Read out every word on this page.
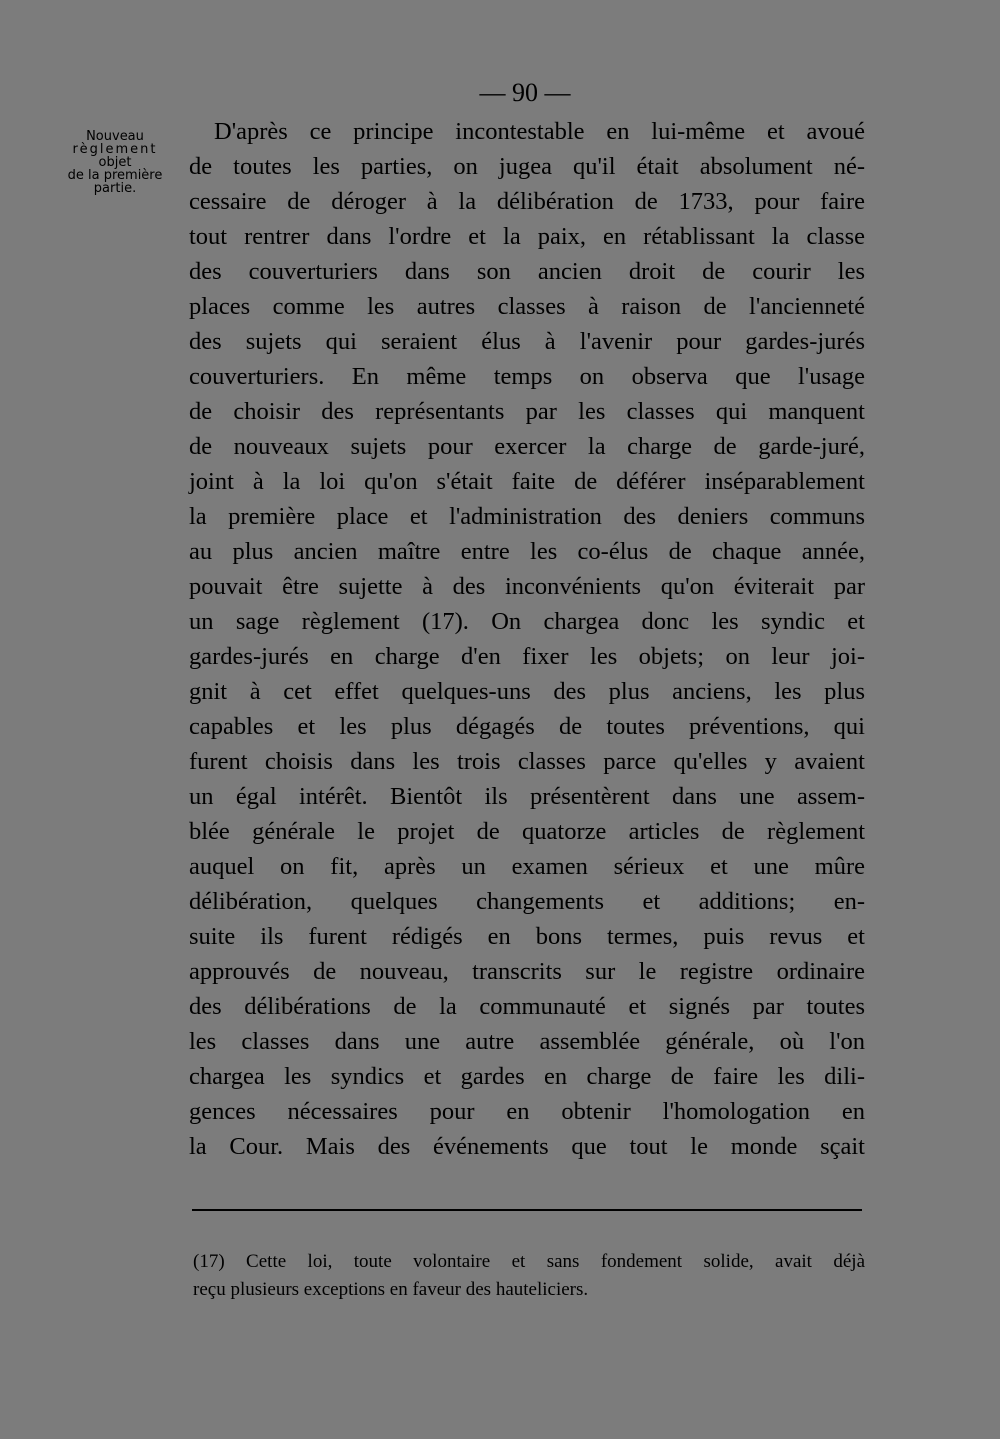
— 90 —
Nouveau
règlement
objet
de la première
partie.
D'après ce principe incontestable en lui-même et avoué
de toutes les parties, on jugea qu'il était absolument né-
cessaire de déroger à la délibération de 1733, pour faire
tout rentrer dans l'ordre et la paix, en rétablissant la classe
des couverturiers dans son ancien droit de courir les
places comme les autres classes à raison de l'ancienneté
des sujets qui seraient élus à l'avenir pour gardes-jurés
couverturiers. En même temps on observa que l'usage
de choisir des représentants par les classes qui manquent
de nouveaux sujets pour exercer la charge de garde-juré,
joint à la loi qu'on s'était faite de déférer inséparablement
la première place et l'administration des deniers communs
au plus ancien maître entre les co-élus de chaque année,
pouvait être sujette à des inconvénients qu'on éviterait par
un sage règlement (17). On chargea donc les syndic et
gardes-jurés en charge d'en fixer les objets; on leur joi-
gnit à cet effet quelques-uns des plus anciens, les plus
capables et les plus dégagés de toutes préventions, qui
furent choisis dans les trois classes parce qu'elles y avaient
un égal intérêt. Bientôt ils présentèrent dans une assem-
blée générale le projet de quatorze articles de règlement
auquel on fit, après un examen sérieux et une mûre
délibération, quelques changements et additions; en-
suite ils furent rédigés en bons termes, puis revus et
approuvés de nouveau, transcrits sur le registre ordinaire
des délibérations de la communauté et signés par toutes
les classes dans une autre assemblée générale, où l'on
chargea les syndics et gardes en charge de faire les dili-
gences nécessaires pour en obtenir l'homologation en
la Cour. Mais des événements que tout le monde sçait
(17) Cette loi, toute volontaire et sans fondement solide, avait déjà
reçu plusieurs exceptions en faveur des hauteliciers.
